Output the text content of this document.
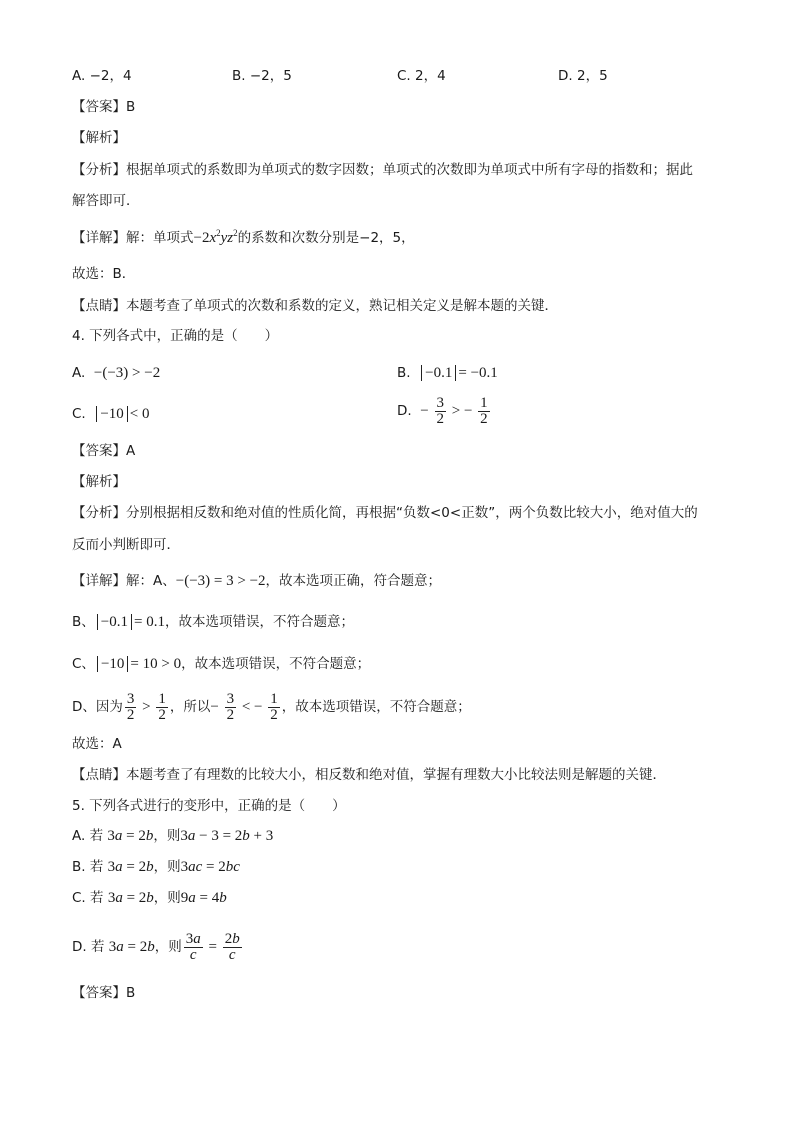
A. −2，4	B. −2，5	C. 2，4	D. 2，5
【答案】B
【解析】
【分析】根据单项式的系数即为单项式的数字因数；单项式的次数即为单项式中所有字母的指数和；据此
解答即可．
【详解】解：单项式$-2x^2yz^2$的系数和次数分别是−2，5，
故选：B．
【点睛】本题考查了单项式的次数和系数的定义，熟记相关定义是解本题的关键．
4. 下列各式中，正确的是（　　）
A.  −(−3) > −2	B.  −0.1 = −0.1
C.  −10 < 0	D.  − $\frac{3}{2}$ > − $\frac{1}{2}$
【答案】A
【解析】
【分析】分别根据相反数和绝对值的性质化简，再根据“负数<0<正数”，两个负数比较大小，绝对值大的
反而小判断即可．
【详解】解：A、−(−3) = 3 > −2，故本选项正确，符合题意；
B、 −0.1 = 0.1，故本选项错误，不符合题意；
C、 −10 = 10 > 0，故本选项错误，不符合题意；
D、因为 $\frac{3}{2} > \frac{1}{2}$ ，所以− $\frac{3}{2}$ < − $\frac{1}{2}$ ，故本选项错误，不符合题意；
故选：A
【点睛】本题考查了有理数的比较大小，相反数和绝对值，掌握有理数大小比较法则是解题的关键．
5. 下列各式进行的变形中，正确的是（　　）
A. 若 3a = 2b，则3a − 3 = 2b + 3
B. 若 3a = 2b，则3ac = 2bc
C. 若 3a = 2b，则9a = 4b
D. 若 3a = 2b，则 $\frac{3a}{c} = \frac{2b}{c}$
【答案】B
